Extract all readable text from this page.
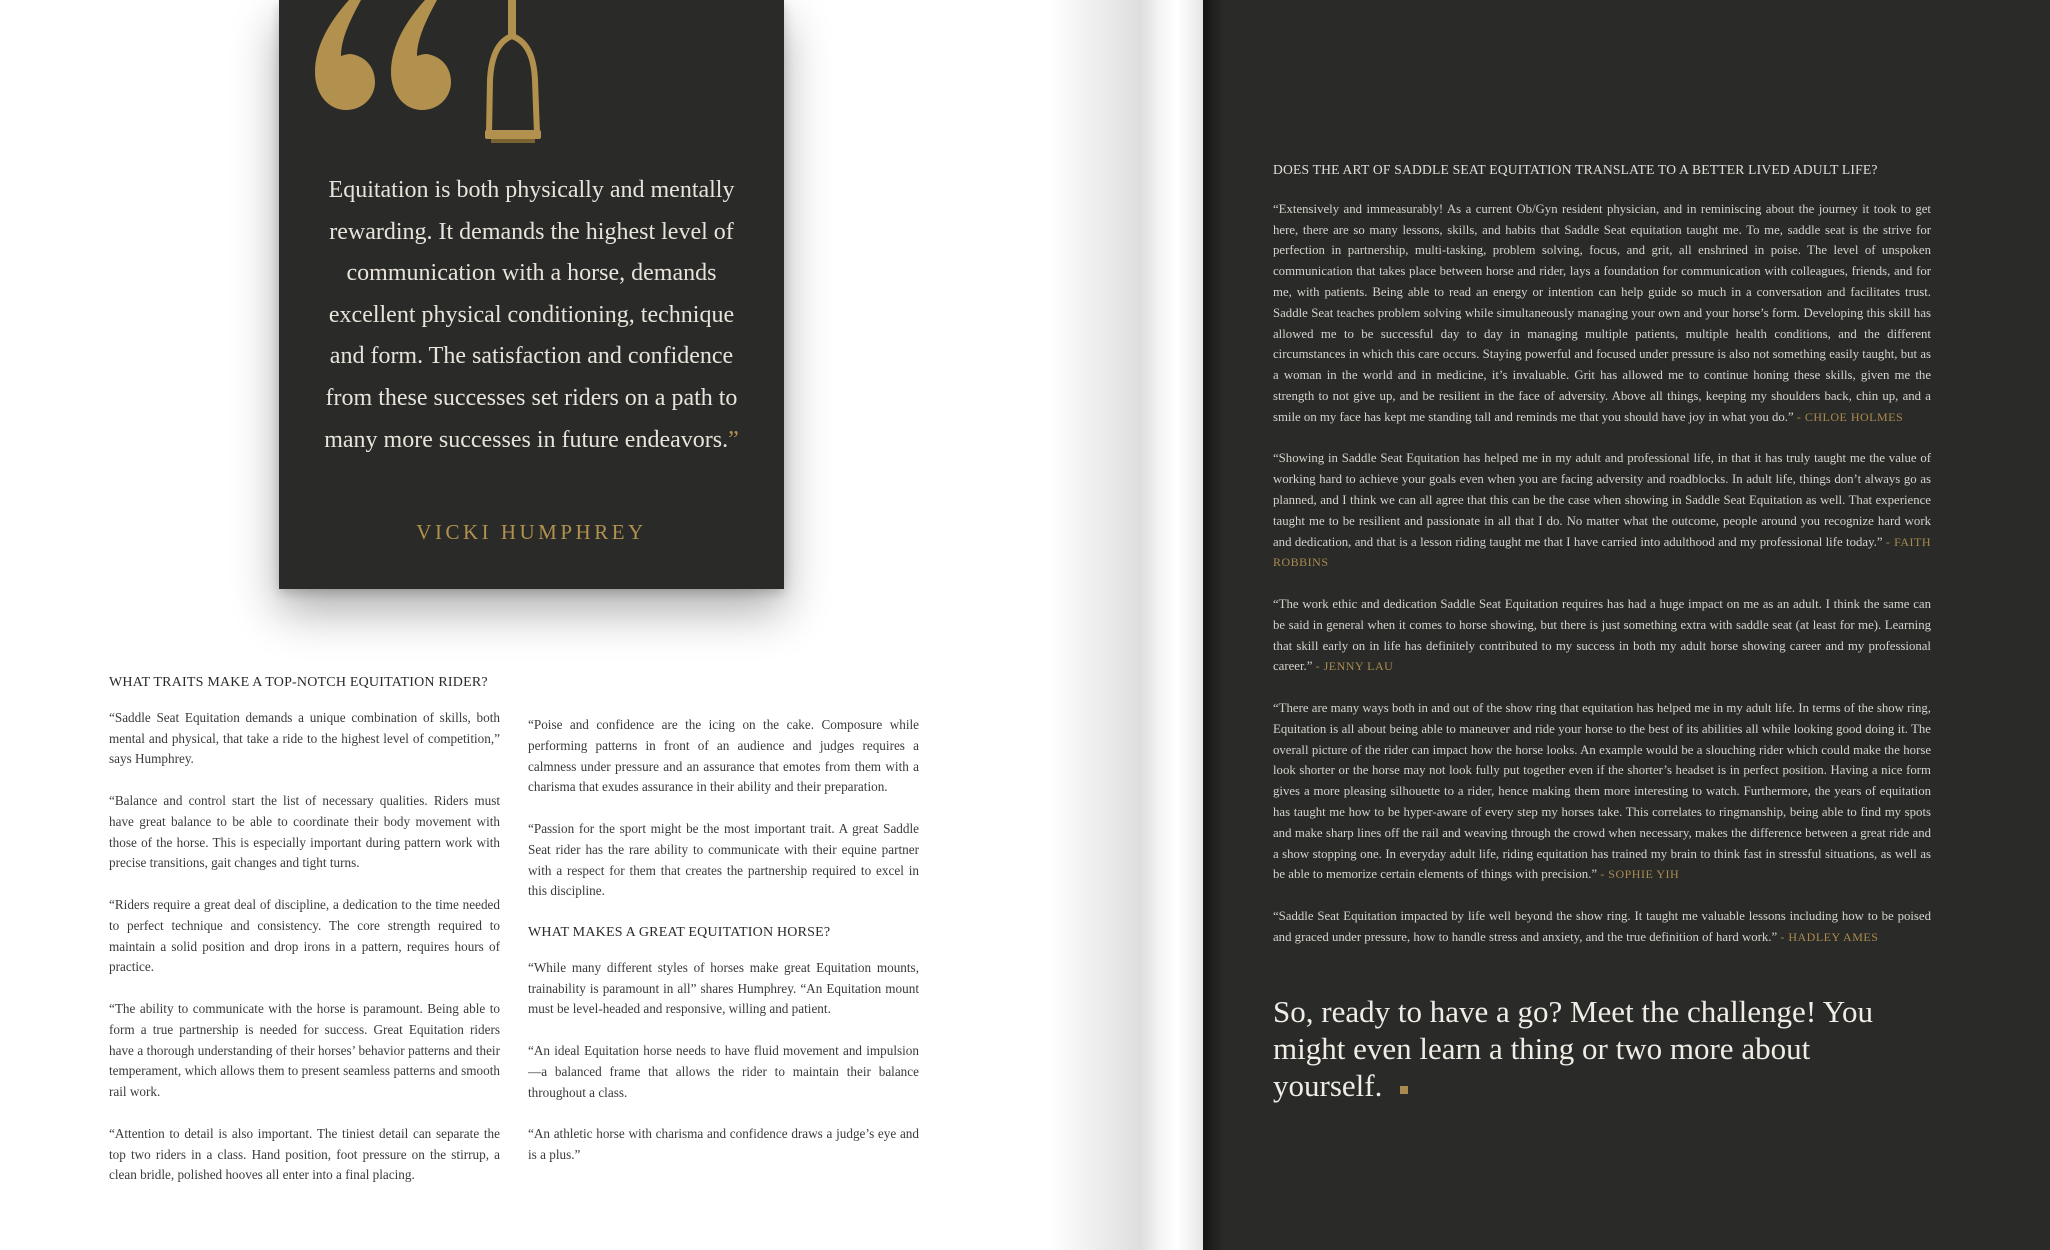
Equitation is both physically and mentally rewarding. It demands the highest level of communication with a horse, demands excellent physical conditioning, technique and form. The satisfaction and confidence from these successes set riders on a path to many more successes in future endeavors.”

VICKI HUMPHREY

WHAT TRAITS MAKE A TOP-NOTCH EQUITATION RIDER?

“Saddle Seat Equitation demands a unique combination of skills, both mental and physical, that take a ride to the highest level of competition,” says Humphrey.

“Balance and control start the list of necessary qualities. Riders must have great balance to be able to coordinate their body movement with those of the horse. This is especially important during pattern work with precise transitions, gait changes and tight turns.

“Riders require a great deal of discipline, a dedication to the time needed to perfect technique and consistency. The core strength required to maintain a solid position and drop irons in a pattern, requires hours of practice.

“The ability to communicate with the horse is paramount. Being able to form a true partnership is needed for success. Great Equitation riders have a thorough understanding of their horses’ behavior patterns and their temperament, which allows them to present seamless patterns and smooth rail work.

“Attention to detail is also important. The tiniest detail can separate the top two riders in a class. Hand position, foot pressure on the stirrup, a clean bridle, polished hooves all enter into a final placing.

“Poise and confidence are the icing on the cake. Composure while performing patterns in front of an audience and judges requires a calmness under pressure and an assurance that emotes from them with a charisma that exudes assurance in their ability and their preparation.

“Passion for the sport might be the most important trait. A great Saddle Seat rider has the rare ability to communicate with their equine partner with a respect for them that creates the partnership required to excel in this discipline.

WHAT MAKES A GREAT EQUITATION HORSE?

“While many different styles of horses make great Equitation mounts, trainability is paramount in all” shares Humphrey. “An Equitation mount must be level-headed and responsive, willing and patient.

“An ideal Equitation horse needs to have fluid movement and impulsion—a balanced frame that allows the rider to maintain their balance throughout a class.

“An athletic horse with charisma and confidence draws a judge’s eye and is a plus.”

DOES THE ART OF SADDLE SEAT EQUITATION TRANSLATE TO A BETTER LIVED ADULT LIFE?

“Extensively and immeasurably! As a current Ob/Gyn resident physician, and in reminiscing about the journey it took to get here, there are so many lessons, skills, and habits that Saddle Seat equitation taught me. To me, saddle seat is the strive for perfection in partnership, multi-tasking, problem solving, focus, and grit, all enshrined in poise. The level of unspoken communication that takes place between horse and rider, lays a foundation for communication with colleagues, friends, and for me, with patients. Being able to read an energy or intention can help guide so much in a conversation and facilitates trust. Saddle Seat teaches problem solving while simultaneously managing your own and your horse’s form. Developing this skill has allowed me to be successful day to day in managing multiple patients, multiple health conditions, and the different circumstances in which this care occurs. Staying powerful and focused under pressure is also not something easily taught, but as a woman in the world and in medicine, it’s invaluable. Grit has allowed me to continue honing these skills, given me the strength to not give up, and be resilient in the face of adversity. Above all things, keeping my shoulders back, chin up, and a smile on my face has kept me standing tall and reminds me that you should have joy in what you do.” - CHLOE HOLMES

“Showing in Saddle Seat Equitation has helped me in my adult and professional life, in that it has truly taught me the value of working hard to achieve your goals even when you are facing adversity and roadblocks. In adult life, things don’t always go as planned, and I think we can all agree that this can be the case when showing in Saddle Seat Equitation as well. That experience taught me to be resilient and passionate in all that I do. No matter what the outcome, people around you recognize hard work and dedication, and that is a lesson riding taught me that I have carried into adulthood and my professional life today.” - FAITH ROBBINS

“The work ethic and dedication Saddle Seat Equitation requires has had a huge impact on me as an adult. I think the same can be said in general when it comes to horse showing, but there is just something extra with saddle seat (at least for me). Learning that skill early on in life has definitely contributed to my success in both my adult horse showing career and my professional career.” - JENNY LAU

“There are many ways both in and out of the show ring that equitation has helped me in my adult life. In terms of the show ring, Equitation is all about being able to maneuver and ride your horse to the best of its abilities all while looking good doing it. The overall picture of the rider can impact how the horse looks. An example would be a slouching rider which could make the horse look shorter or the horse may not look fully put together even if the shorter’s headset is in perfect position. Having a nice form gives a more pleasing silhouette to a rider, hence making them more interesting to watch. Furthermore, the years of equitation has taught me how to be hyper-aware of every step my horses take. This correlates to ringmanship, being able to find my spots and make sharp lines off the rail and weaving through the crowd when necessary, makes the difference between a great ride and a show stopping one. In everyday adult life, riding equitation has trained my brain to think fast in stressful situations, as well as be able to memorize certain elements of things with precision.” - SOPHIE YIH

“Saddle Seat Equitation impacted by life well beyond the show ring. It taught me valuable lessons including how to be poised and graced under pressure, how to handle stress and anxiety, and the true definition of hard work.” - HADLEY AMES

So, ready to have a go? Meet the challenge! You might even learn a thing or two more about yourself.
